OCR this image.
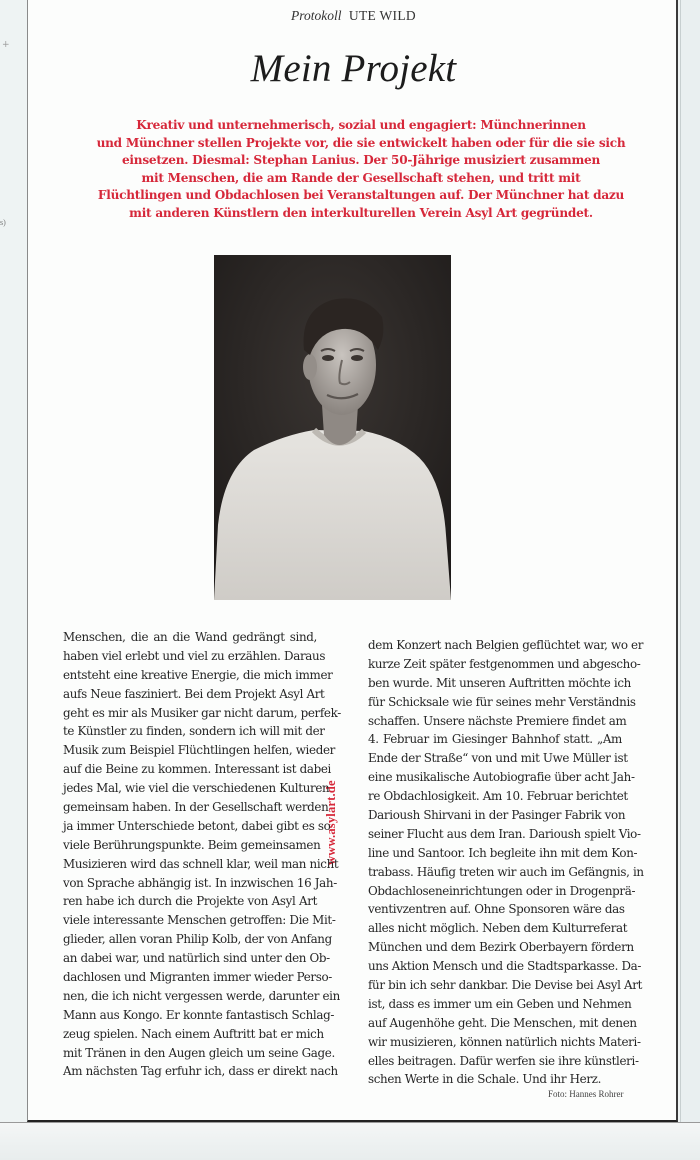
+
s)
Protokoll UTE WILD
Mein Projekt
Kreativ und unternehmerisch, sozial und engagiert: Münchnerinnen
und Münchner stellen Projekte vor, die sie entwickelt haben oder für die sie sich
einsetzen. Diesmal: Stephan Lanius. Der 50-Jährige musiziert zusammen
mit Menschen, die am Rande der Gesellschaft stehen, und tritt mit
Flüchtlingen und Obdachlosen bei Veranstaltungen auf. Der Münchner hat dazu
mit anderen Künstlern den interkulturellen Verein Asyl Art gegründet.
www.asylart.de
Menschen, die an die Wand gedrängt sind,
haben viel erlebt und viel zu erzählen. Daraus
entsteht eine kreative Energie, die mich immer
aufs Neue fasziniert. Bei dem Projekt Asyl Art
geht es mir als Musiker gar nicht darum, perfek-
te Künstler zu finden, sondern ich will mit der
Musik zum Beispiel Flüchtlingen helfen, wieder
auf die Beine zu kommen. Interessant ist dabei
jedes Mal, wie viel die verschiedenen Kulturen
gemeinsam haben. In der Gesellschaft werden
ja immer Unterschiede betont, dabei gibt es so
viele Berührungspunkte. Beim gemeinsamen
Musizieren wird das schnell klar, weil man nicht
von Sprache abhängig ist. In inzwischen 16 Jah-
ren habe ich durch die Projekte von Asyl Art
viele interessante Menschen getroffen: Die Mit-
glieder, allen voran Philip Kolb, der von Anfang
an dabei war, und natürlich sind unter den Ob-
dachlosen und Migranten immer wieder Perso-
nen, die ich nicht vergessen werde, darunter ein
Mann aus Kongo. Er konnte fantastisch Schlag-
zeug spielen. Nach einem Auftritt bat er mich
mit Tränen in den Augen gleich um seine Gage.
Am nächsten Tag erfuhr ich, dass er direkt nach
dem Konzert nach Belgien geflüchtet war, wo er
kurze Zeit später festgenommen und abgescho-
ben wurde. Mit unseren Auftritten möchte ich
für Schicksale wie für seines mehr Verständnis
schaffen. Unsere nächste Premiere findet am
4. Februar im Giesinger Bahnhof statt. „Am
Ende der Straße“ von und mit Uwe Müller ist
eine musikalische Autobiografie über acht Jah-
re Obdachlosigkeit. Am 10. Februar berichtet
Darioush Shirvani in der Pasinger Fabrik von
seiner Flucht aus dem Iran. Darioush spielt Vio-
line und Santoor. Ich begleite ihn mit dem Kon-
trabass. Häufig treten wir auch im Gefängnis, in
Obdachloseneinrichtungen oder in Drogenprä-
ventivzentren auf. Ohne Sponsoren wäre das
alles nicht möglich. Neben dem Kulturreferat
München und dem Bezirk Oberbayern fördern
uns Aktion Mensch und die Stadtsparkasse. Da-
für bin ich sehr dankbar. Die Devise bei Asyl Art
ist, dass es immer um ein Geben und Nehmen
auf Augenhöhe geht. Die Menschen, mit denen
wir musizieren, können natürlich nichts Materi-
elles beitragen. Dafür werfen sie ihre künstleri-
schen Werte in die Schale. Und ihr Herz.
Foto: Hannes Rohrer
